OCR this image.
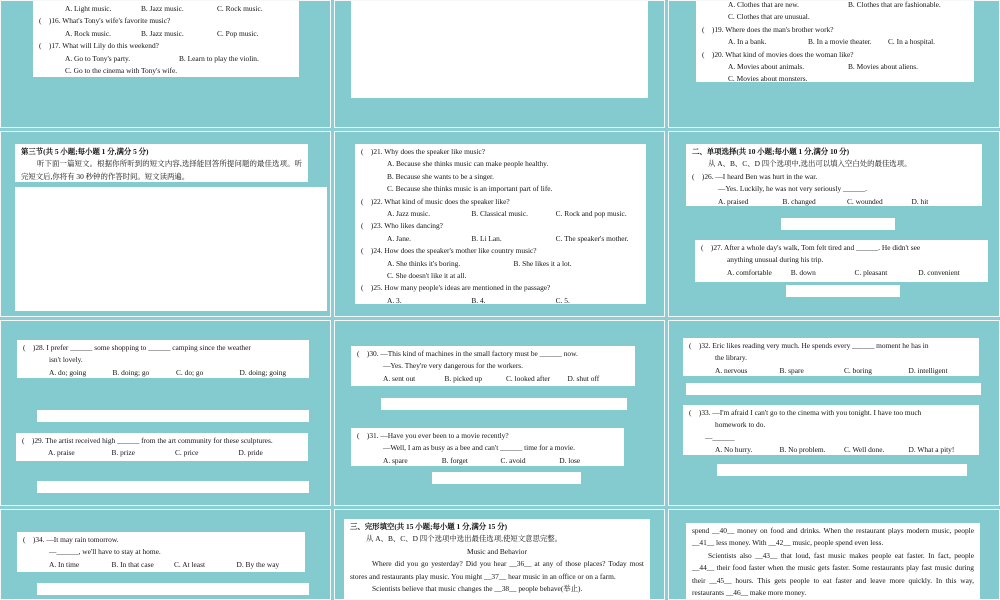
A. Light music.	B. Jazz music.	C. Rock music.
(    )16. What's Tony's wife's favorite music?
A. Rock music.	B. Jazz music.	C. Pop music.
(    )17. What will Lily do this weekend?
A. Go to Tony's party.	B. Learn to play the violin.
C. Go to the cinema with Tony's wife.
A. Clothes that are new.	B. Clothes that are fashionable.
C. Clothes that are unusual.
(    )19. Where does the man's brother work?
A. In a bank.	B. In a movie theater.	C. In a hospital.
(    )20. What kind of movies does the woman like?
A. Movies about animals.	B. Movies about aliens.
C. Movies about monsters.
第三节(共 5 小题;每小题 1 分,满分 5 分)
听下面一篇短文。根据你所听到的短文内容,选择能回答所提问题的最佳选项。听完短文后,你将有 30 秒钟的作答时间。短文读两遍。
(    )21. Why does the speaker like music?
A. Because she thinks music can make people healthy.
B. Because she wants to be a singer.
C. Because she thinks music is an important part of life.
(    )22. What kind of music does the speaker like?
A. Jazz music.	B. Classical music.	C. Rock and pop music.
(    )23. Who likes dancing?
A. Jane.	B. Li Lan.	C. The speaker's mother.
(    )24. How does the speaker's mother like country music?
A. She thinks it's boring.	B. She likes it a lot.
C. She doesn't like it at all.
(    )25. How many people's ideas are mentioned in the passage?
A. 3.	B. 4.	C. 5.
二、单项选择(共 10 小题;每小题 1 分,满分 10 分)
从 A、B、C、D 四个选项中,选出可以填入空白处的最佳选项。
(    )26. —I heard Ben was hurt in the war.
—Yes. Luckily, he was not very seriously ______.
A. praised	B. changed	C. wounded	D. hit
(    )27. After a whole day's walk, Tom felt tired and ______. He didn't see
anything unusual during his trip.
A. comfortable	B. down	C. pleasant	D. convenient
(    )28. I prefer ______ some shopping to ______ camping since the weather
isn't lovely.
A. do; going	B. doing; go	C. do; go	D. doing; going
(    )29. The artist received high ______ from the art community for these sculptures.
A. praise	B. prize	C. price	D. pride
(    )30. —This kind of machines in the small factory must be ______ now.
—Yes. They're very dangerous for the workers.
A. sent out	B. picked up	C. looked after	D. shut off
(    )31. —Have you ever been to a movie recently?
—Well, I am as busy as a bee and can't ______ time for a movie.
A. spare	B. forget	C. avoid	D. lose
(    )32. Eric likes reading very much. He spends every ______ moment he has in
the library.
A. nervous	B. spare	C. boring	D. intelligent
(    )33. —I'm afraid I can't go to the cinema with you tonight. I have too much
homework to do.
—______
A. No hurry.	B. No problem.	C. Well done.	D. What a pity!
(    )34. —It may rain tomorrow.
—______, we'll have to stay at home.
A. In time	B. In that case	C. At least	D. By the way
三、完形填空(共 15 小题;每小题 1 分,满分 15 分)
从 A、B、C、D 四个选项中选出最佳选项,使短文意思完整。
Music and Behavior
Where did you go yesterday? Did you hear __36__ at any of those places? Today most stores and restaurants play music. You might __37__ hear music in an office or on a farm.
Scientists believe that music changes the __38__ people behave(举止).
spend __40__ money on food and drinks. When the restaurant plays modern music, people __41__ less money. With __42__ music, people spend even less.
Scientists also __43__ that loud, fast music makes people eat faster. In fact, people __44__ their food faster when the music gets faster. Some restaurants play fast music during their __45__ hours. This gets people to eat faster and leave more quickly. In this way, restaurants __46__ make more money.
